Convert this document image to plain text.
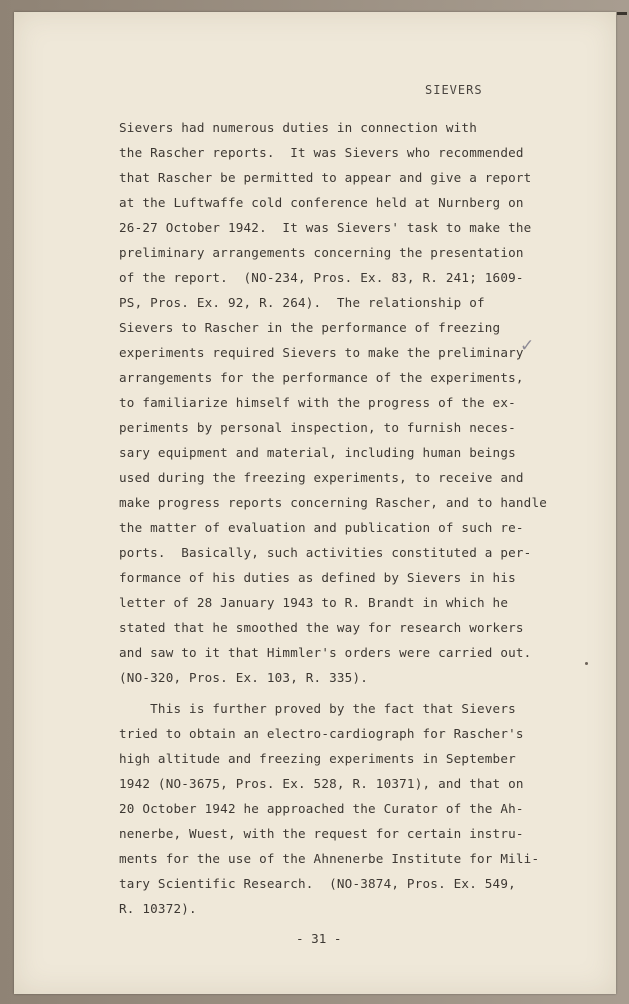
SIEVERS
Sievers had numerous duties in connection with
the Rascher reports.  It was Sievers who recommended
that Rascher be permitted to appear and give a report
at the Luftwaffe cold conference held at Nurnberg on
26-27 October 1942.  It was Sievers' task to make the
preliminary arrangements concerning the presentation
of the report.  (NO-234, Pros. Ex. 83, R. 241; 1609-
PS, Pros. Ex. 92, R. 264).  The relationship of
Sievers to Rascher in the performance of freezing
experiments required Sievers to make the preliminary
arrangements for the performance of the experiments,
to familiarize himself with the progress of the ex-
periments by personal inspection, to furnish neces-
sary equipment and material, including human beings
used during the freezing experiments, to receive and
make progress reports concerning Rascher, and to handle
the matter of evaluation and publication of such re-
ports.  Basically, such activities constituted a per-
formance of his duties as defined by Sievers in his
letter of 28 January 1943 to R. Brandt in which he
stated that he smoothed the way for research workers
and saw to it that Himmler's orders were carried out.
(NO-320, Pros. Ex. 103, R. 335).
This is further proved by the fact that Sievers
tried to obtain an electro-cardiograph for Rascher's
high altitude and freezing experiments in September
1942 (NO-3675, Pros. Ex. 528, R. 10371), and that on
20 October 1942 he approached the Curator of the Ah-
nenerbe, Wuest, with the request for certain instru-
ments for the use of the Ahnenerbe Institute for Mili-
tary Scientific Research.  (NO-3874, Pros. Ex. 549,
R. 10372).
✓
- 31 -
